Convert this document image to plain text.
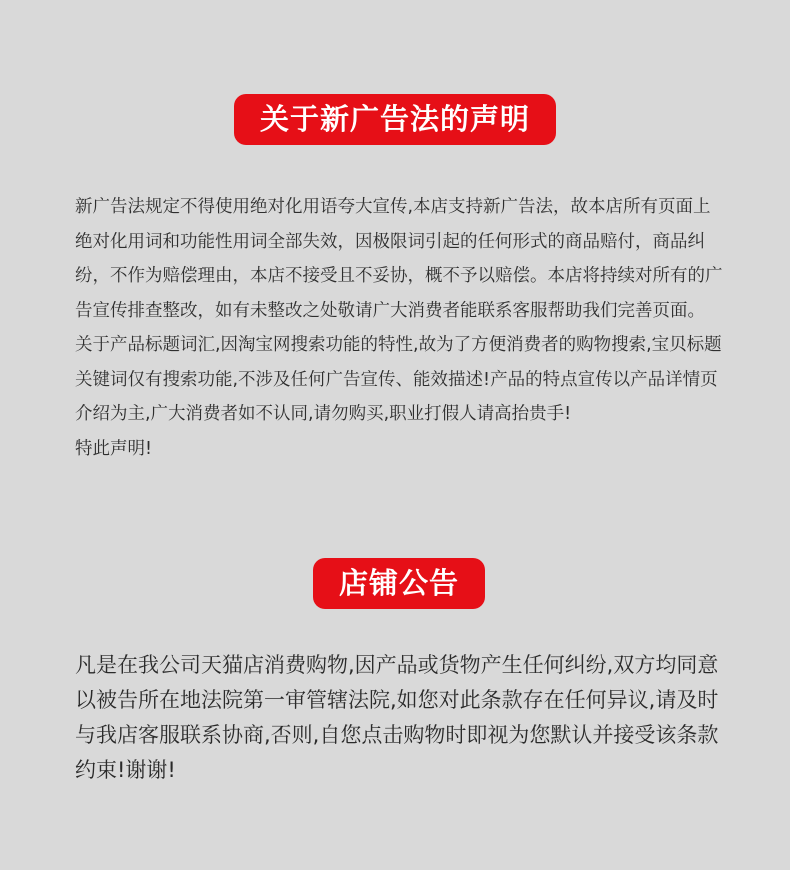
关于新广告法的声明

新广告法规定不得使用绝对化用语夸大宣传,本店支持新广告法，故本店所有页面上绝对化用词和功能性用词全部失效，因极限词引起的任何形式的商品赔付，商品纠纷，不作为赔偿理由，本店不接受且不妥协，概不予以赔偿。本店将持续对所有的广告宣传排查整改，如有未整改之处敬请广大消费者能联系客服帮助我们完善页面。

关于产品标题词汇,因淘宝网搜索功能的特性,故为了方便消费者的购物搜索,宝贝标题关键词仅有搜索功能,不涉及任何广告宣传、能效描述!产品的特点宣传以产品详情页介绍为主,广大消费者如不认同,请勿购买,职业打假人请高抬贵手!

特此声明!

店铺公告

凡是在我公司天猫店消费购物,因产品或货物产生任何纠纷,双方均同意以被告所在地法院第一审管辖法院,如您对此条款存在任何异议,请及时与我店客服联系协商,否则,自您点击购物时即视为您默认并接受该条款约束!谢谢!
